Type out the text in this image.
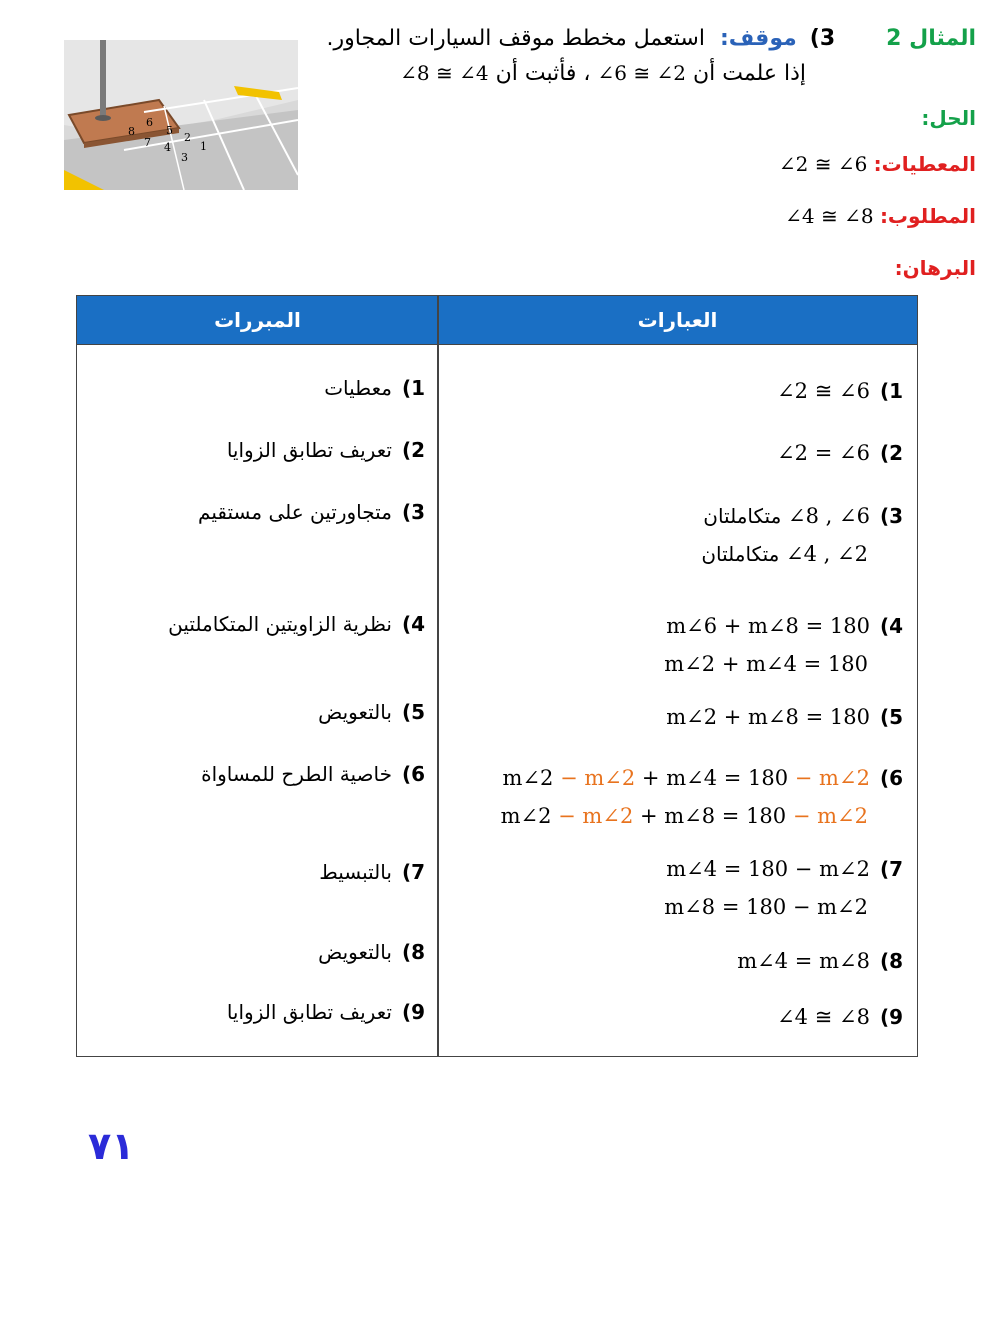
المثال 2 3) موقف: استعمل مخطط موقف السيارات المجاور.
إذا علمت أن ∠6 ≅ ∠2 ، فأثبت أن ∠8 ≅ ∠4
6
5
8
7 4
2
1
3
الحل:
المعطيات: ∠2 ≅ ∠6
المطلوب: ∠4 ≅ ∠8
البرهان:
المبررات	العبارات
1)∠2 ≅ ∠6
1)معطيات
2)∠2 = ∠6
2)تعريف تطابق الزوايا
3)∠8 , ∠6 متكاملتان
∠4 , ∠2 متكاملتان
3)متجاورتين على مستقيم
4)m∠6 + m∠8 = 180
m∠2 + m∠4 = 180
4)نظرية الزاويتين المتكاملتين
5)m∠2 + m∠8 = 180
5)بالتعويض
6)m∠2 − m∠2 + m∠4 = 180 − m∠2
m∠2 − m∠2 + m∠8 = 180 − m∠2
6)خاصية الطرح للمساواة
7)m∠4 = 180 − m∠2
m∠8 = 180 − m∠2
7)بالتبسيط
8)m∠4 = m∠8
8)بالتعويض
9)∠4 ≅ ∠8
9)تعريف تطابق الزوايا
٧١
